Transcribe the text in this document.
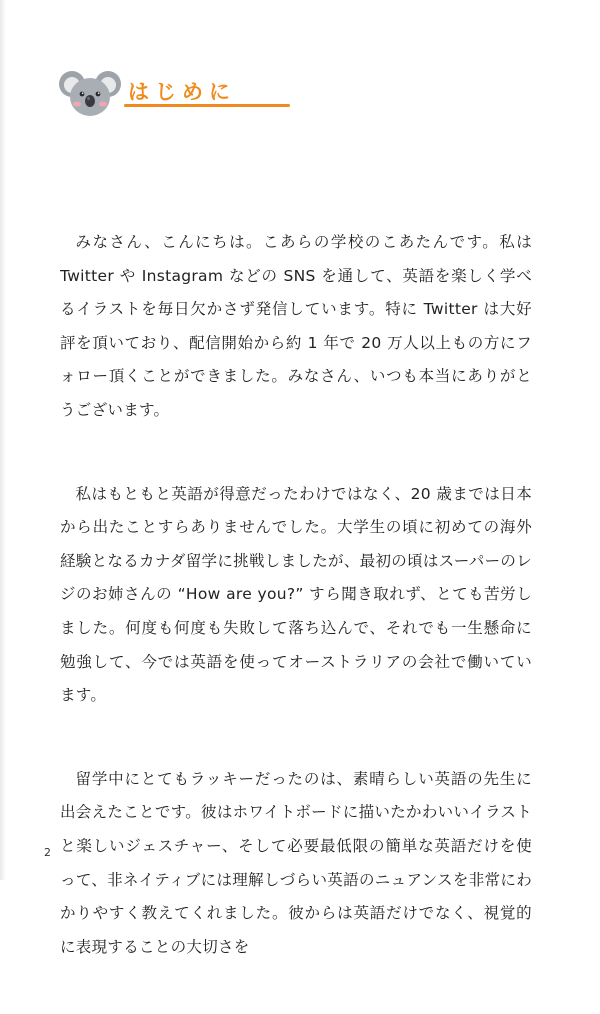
はじめに

みなさん、こんにちは。こあらの学校のこあたんです。私は Twitter や Instagram などの SNS を通して、英語を楽しく学べるイラストを毎日欠かさず発信しています。特に Twitter は大好評を頂いており、配信開始から約 1 年で 20 万人以上もの方にフォロー頂くことができました。みなさん、いつも本当にありがとうございます。

私はもともと英語が得意だったわけではなく、20 歳までは日本から出たことすらありませんでした。大学生の頃に初めての海外経験となるカナダ留学に挑戦しましたが、最初の頃はスーパーのレジのお姉さんの “How are you?” すら聞き取れず、とても苦労しました。何度も何度も失敗して落ち込んで、それでも一生懸命に勉強して、今では英語を使ってオーストラリアの会社で働いています。

留学中にとてもラッキーだったのは、素晴らしい英語の先生に出会えたことです。彼はホワイトボードに描いたかわいいイラストと楽しいジェスチャー、そして必要最低限の簡単な英語だけを使って、非ネイティブには理解しづらい英語のニュアンスを非常にわかりやすく教えてくれました。彼からは英語だけでなく、視覚的に表現することの大切さを

2
